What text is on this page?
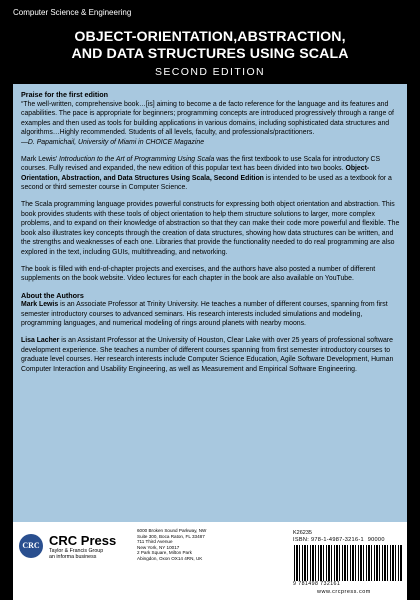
Computer Science & Engineering
OBJECT-ORIENTATION,ABSTRACTION,
AND DATA STRUCTURES USING SCALA
SECOND EDITION
Praise for the first edition

“The well-written, comprehensive book…[is] aiming to become a de facto reference for the language and its features and capabilities. The pace is appropriate for beginners; programming concepts are introduced progressively through a range of examples and then used as tools for building applications in various domains, including sophisticated data structures and algorithms…Highly recommended. Students of all levels, faculty, and professionals/practitioners.

—D. Papamichail, University of Miami in CHOICE Magazine

Mark Lewis’ Introduction to the Art of Programming Using Scala was the first textbook to use Scala for introductory CS courses. Fully revised and expanded, the new edition of this popular text has been divided into two books. Object-Orientation, Abstraction, and Data Structures Using Scala, Second Edition is intended to be used as a textbook for a second or third semester course in Computer Science.

The Scala programming language provides powerful constructs for expressing both object orientation and abstraction. This book provides students with these tools of object orientation to help them structure solutions to larger, more complex problems, and to expand on their knowledge of abstraction so that they can make their code more powerful and flexible. The book also illustrates key concepts through the creation of data structures, showing how data structures can be written, and the strengths and weaknesses of each one. Libraries that provide the functionality needed to do real programming are also explored in the text, including GUIs, multithreading, and networking.

The book is filled with end-of-chapter projects and exercises, and the authors have also posted a number of different supplements on the book website. Video lectures for each chapter in the book are also available on YouTube.

About the Authors

Mark Lewis is an Associate Professor at Trinity University. He teaches a number of different courses, spanning from first semester introductory courses to advanced seminars. His research interests included simulations and modeling, programming languages, and numerical modeling of rings around planets with nearby moons.

Lisa Lacher is an Assistant Professor at the University of Houston, Clear Lake with over 25 years of professional software development experience. She teaches a number of different courses spanning from first semester introductory courses to graduate level courses. Her research interests include Computer Science Education, Agile Software Development, Human Computer Interaction and Usability Engineering, as well as Measurement and Empirical Software Engineering.

CRC CRC Press
Taylor & Francis Group
an informa business
6000 Broken Sound Parkway, NW
Suite 300, Boca Raton, FL 33487
711 Third Avenue
New York, NY 10017
2 Park Square, Milton Park
Abingdon, Oxon OX14 4RN, UK
K26235
ISBN: 978-1-4987-3216-1 90000
9 781498 732161
www.crcpress.com
